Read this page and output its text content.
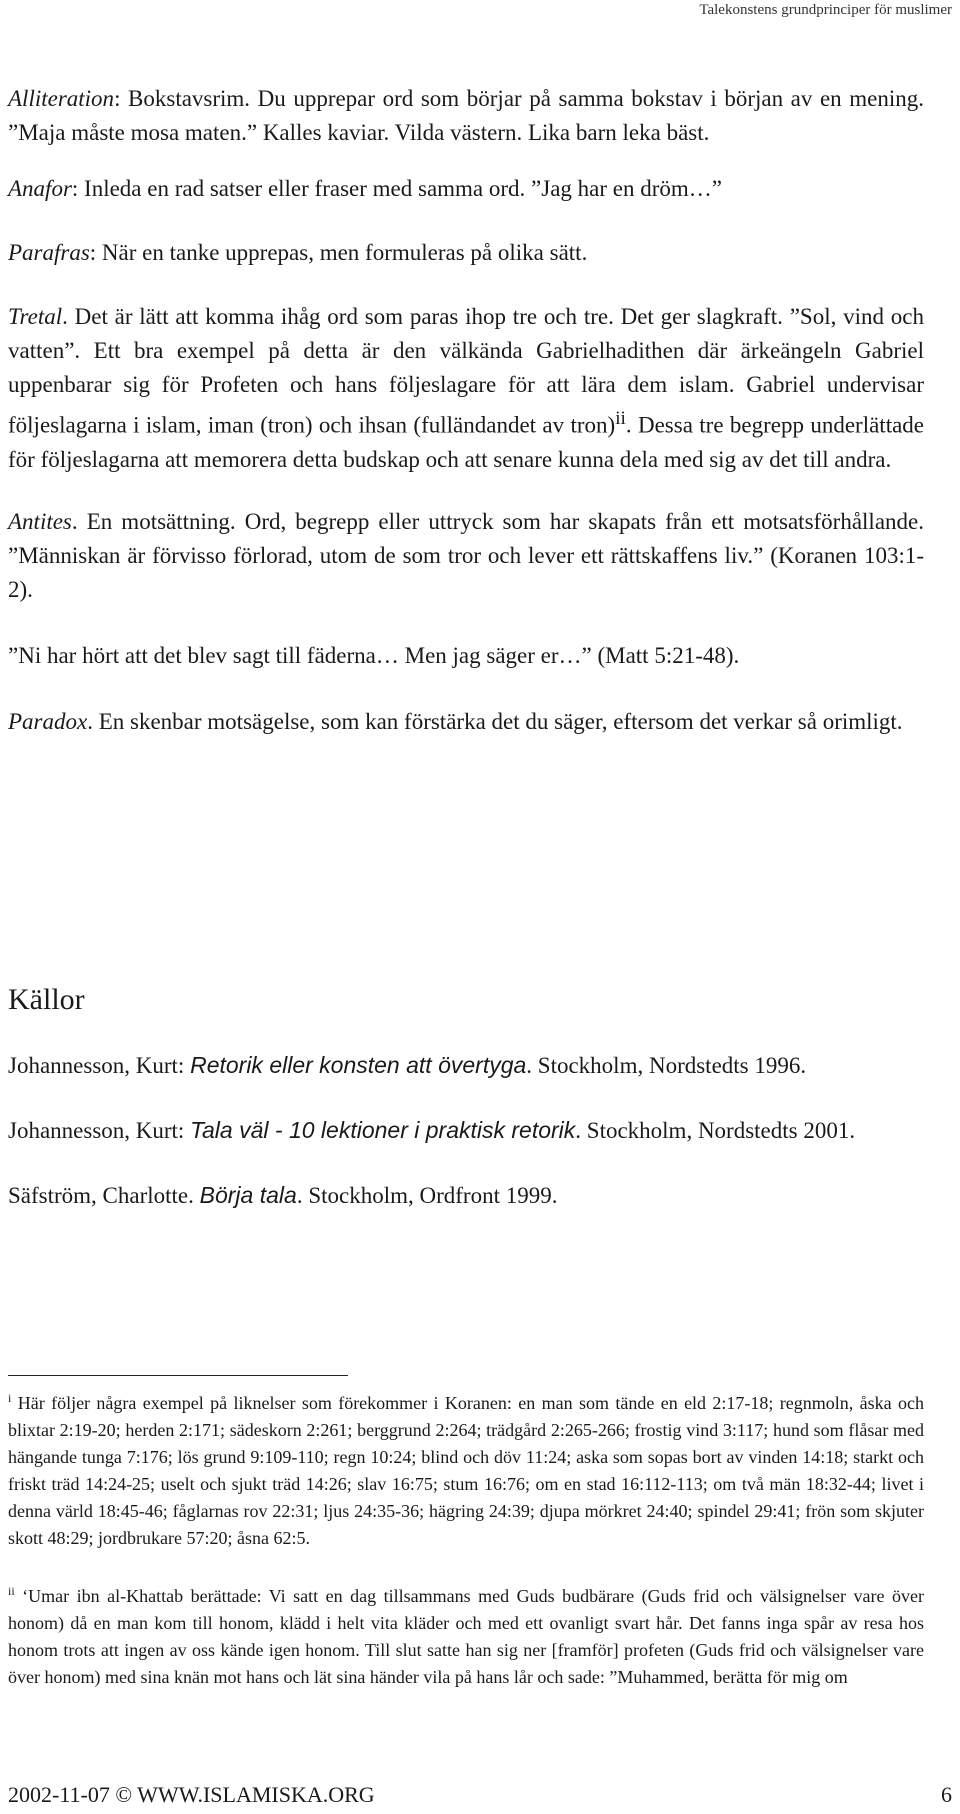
Talekonstens grundprinciper för muslimer

Alliteration: Bokstavsrim. Du upprepar ord som börjar på samma bokstav i början av en mening. ”Maja måste mosa maten.” Kalles kaviar. Vilda västern. Lika barn leka bäst.

Anafor: Inleda en rad satser eller fraser med samma ord. ”Jag har en dröm…”

Parafras: När en tanke upprepas, men formuleras på olika sätt.

Tretal. Det är lätt att komma ihåg ord som paras ihop tre och tre. Det ger slagkraft. ”Sol, vind och vatten”. Ett bra exempel på detta är den välkända Gabrielhadithen där ärkeängeln Gabriel uppenbarar sig för Profeten och hans följeslagare för att lära dem islam. Gabriel undervisar följeslagarna i islam, iman (tron) och ihsan (fulländandet av tron)$^{ii}$. Dessa tre begrepp underlättade för följeslagarna att memorera detta budskap och att senare kunna dela med sig av det till andra.

Antites. En motsättning. Ord, begrepp eller uttryck som har skapats från ett motsatsförhållande. ”Människan är förvisso förlorad, utom de som tror och lever ett rättskaffens liv.” (Koranen 103:1-2).

”Ni har hört att det blev sagt till fäderna… Men jag säger er…” (Matt 5:21-48).

Paradox. En skenbar motsägelse, som kan förstärka det du säger, eftersom det verkar så orimligt.

Källor

Johannesson, Kurt: Retorik eller konsten att övertyga. Stockholm, Nordstedts 1996.

Johannesson, Kurt: Tala väl - 10 lektioner i praktisk retorik. Stockholm, Nordstedts 2001.

Säfström, Charlotte. Börja tala. Stockholm, Ordfront 1999.

$^i$ Här följer några exempel på liknelser som förekommer i Koranen: en man som tände en eld 2:17-18; regnmoln, åska och blixtar 2:19-20; herden 2:171; sädeskorn 2:261; berggrund 2:264; trädgård 2:265-266; frostig vind 3:117; hund som flåsar med hängande tunga 7:176; lös grund 9:109-110; regn 10:24; blind och döv 11:24; aska som sopas bort av vinden 14:18; starkt och friskt träd 14:24-25; uselt och sjukt träd 14:26; slav 16:75; stum 16:76; om en stad 16:112-113; om två män 18:32-44; livet i denna värld 18:45-46; fåglarnas rov 22:31; ljus 24:35-36; hägring 24:39; djupa mörkret 24:40; spindel 29:41; frön som skjuter skott 48:29; jordbrukare 57:20; åsna 62:5.

$^{ii}$ ‘Umar ibn al-Khattab berättade: Vi satt en dag tillsammans med Guds budbärare (Guds frid och välsignelser vare över honom) då en man kom till honom, klädd i helt vita kläder och med ett ovanligt svart hår. Det fanns inga spår av resa hos honom trots att ingen av oss kände igen honom. Till slut satte han sig ner [framför] profeten (Guds frid och välsignelser vare över honom) med sina knän mot hans och lät sina händer vila på hans lår och sade: ”Muhammed, berätta för mig om

2002-11-07 © WWW.ISLAMISKA.ORG	6
